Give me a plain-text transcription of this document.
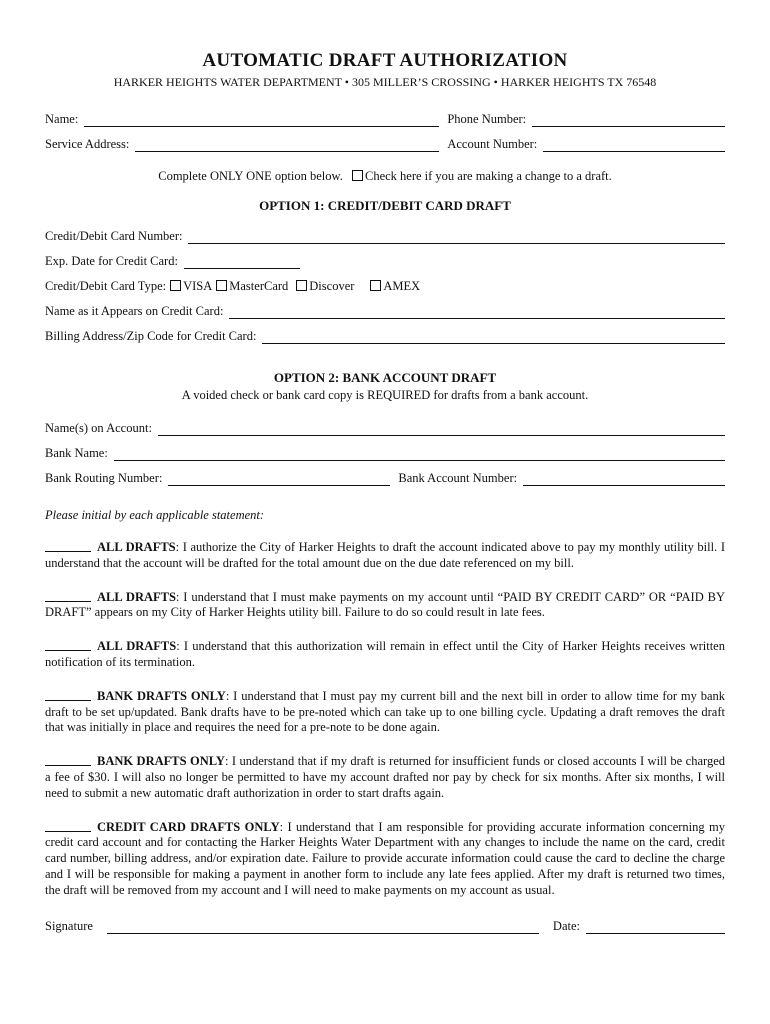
AUTOMATIC DRAFT AUTHORIZATION
HARKER HEIGHTS WATER DEPARTMENT • 305 MILLER’S CROSSING • HARKER HEIGHTS TX 76548
Name:	Phone Number:
Service Address:	Account Number:
Complete ONLY ONE option below. Check here if you are making a change to a draft.
OPTION 1: CREDIT/DEBIT CARD DRAFT
Credit/Debit Card Number:
Exp. Date for Credit Card:
Credit/Debit Card Type:	VISA	MasterCard	Discover	AMEX
Name as it Appears on Credit Card:
Billing Address/Zip Code for Credit Card:
OPTION 2: BANK ACCOUNT DRAFT
A voided check or bank card copy is REQUIRED for drafts from a bank account.
Name(s) on Account:
Bank Name:
Bank Routing Number:	Bank Account Number:
Please initial by each applicable statement:

ALL DRAFTS: I authorize the City of Harker Heights to draft the account indicated above to pay my monthly utility bill. I understand that the account will be drafted for the total amount due on the due date referenced on my bill.

ALL DRAFTS: I understand that I must make payments on my account until “PAID BY CREDIT CARD” OR “PAID BY DRAFT” appears on my City of Harker Heights utility bill. Failure to do so could result in late fees.

ALL DRAFTS: I understand that this authorization will remain in effect until the City of Harker Heights receives written notification of its termination.

BANK DRAFTS ONLY: I understand that I must pay my current bill and the next bill in order to allow time for my bank draft to be set up/updated. Bank drafts have to be pre-noted which can take up to one billing cycle. Updating a draft removes the draft that was initially in place and requires the need for a pre-note to be done again.

BANK DRAFTS ONLY: I understand that if my draft is returned for insufficient funds or closed accounts I will be charged a fee of $30. I will also no longer be permitted to have my account drafted nor pay by check for six months. After six months, I will need to submit a new automatic draft authorization in order to start drafts again.

CREDIT CARD DRAFTS ONLY: I understand that I am responsible for providing accurate information concerning my credit card account and for contacting the Harker Heights Water Department with any changes to include the name on the card, credit card number, billing address, and/or expiration date. Failure to provide accurate information could cause the card to decline the charge and I will be responsible for making a payment in another form to include any late fees applied. After my draft is returned two times, the draft will be removed from my account and I will need to make payments on my account as usual.

Signature	Date:
